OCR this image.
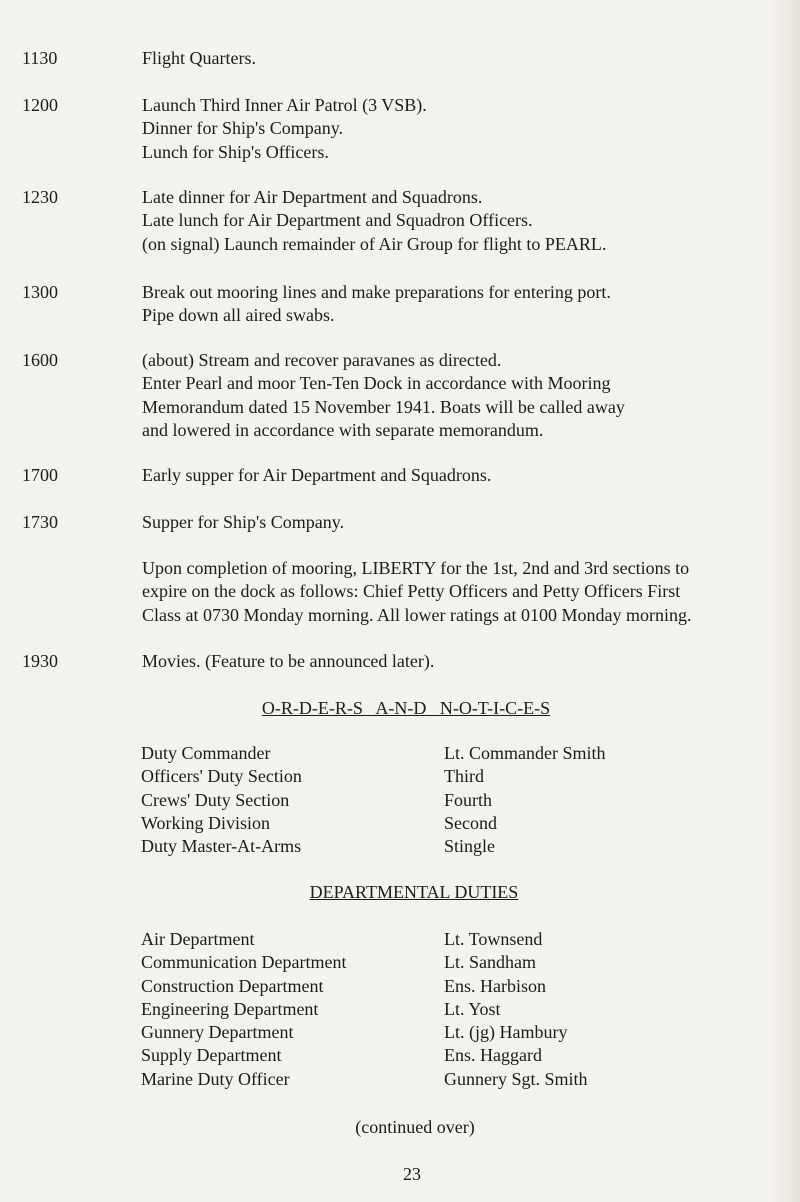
1130	Flight Quarters.
1200	Launch Third Inner Air Patrol (3 VSB).
Dinner for Ship's Company.
Lunch for Ship's Officers.
1230	Late dinner for Air Department and Squadrons.
Late lunch for Air Department and Squadron Officers.
(on signal) Launch remainder of Air Group for flight to PEARL.
1300	Break out mooring lines and make preparations for entering port.
Pipe down all aired swabs.
1600	(about) Stream and recover paravanes as directed.
Enter Pearl and moor Ten-Ten Dock in accordance with Mooring
Memorandum dated 15 November 1941. Boats will be called away
and lowered in accordance with separate memorandum.
1700	Early supper for Air Department and Squadrons.
1730	Supper for Ship's Company.
Upon completion of mooring, LIBERTY for the 1st, 2nd and 3rd sections to
expire on the dock as follows: Chief Petty Officers and Petty Officers First
Class at 0730 Monday morning. All lower ratings at 0100 Monday morning.
1930	Movies. (Feature to be announced later).
O-R-D-E-R-S   A-N-D   N-O-T-I-C-E-S
Duty Commander	Lt. Commander Smith
Officers' Duty Section	Third
Crews' Duty Section	Fourth
Working Division	Second
Duty Master-At-Arms	Stingle
DEPARTMENTAL DUTIES
Air Department	Lt. Townsend
Communication Department	Lt. Sandham
Construction Department	Ens. Harbison
Engineering Department	Lt. Yost
Gunnery Department	Lt. (jg) Hambury
Supply Department	Ens. Haggard
Marine Duty Officer	Gunnery Sgt. Smith
(continued over)
23
